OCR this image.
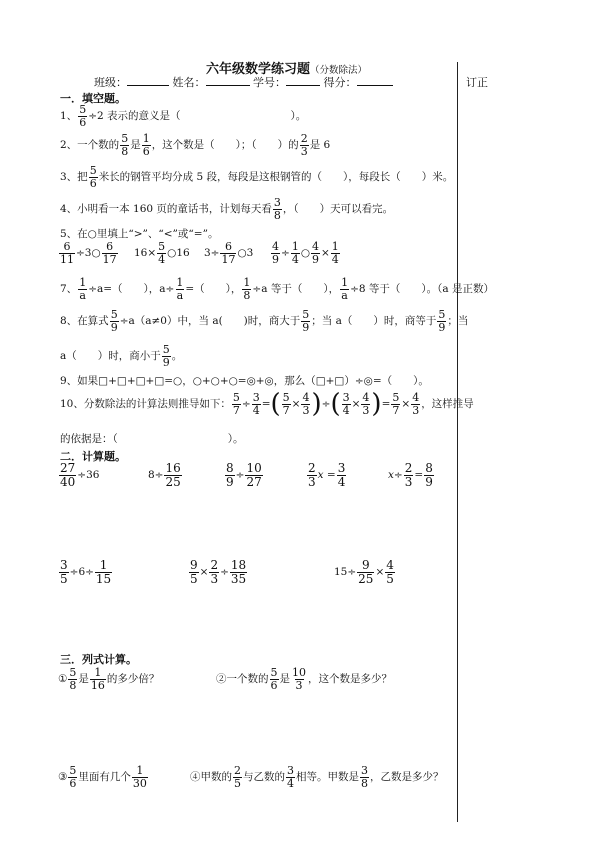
六年级数学练习题（分数除法）
班级：	姓名：	学号：	得分：	订正
一．填空题。
1、 $\frac{5}{6} \div 2$ 表示的意义是（	）。
2、一个数的 $\frac{5}{8}$ 是 $\frac{1}{6}$ ，这个数是（　　）；（　　）的 $\frac{2}{3}$ 是 6
3、把 $\frac{5}{6}$ 米长的钢管平均分成 5 段，每段是这根钢管的（　　），每段长（　　）米。
4、小明看一本 160 页的童话书，计划每天看 $\frac{3}{8}$ ，（　　）天可以看完。
5、在○里填上“>”、“<”或“=”。
$\frac{6}{11}$ ÷3○ $\frac{6}{17} 16\times \frac{5}{4}$ ○16 $3\div \frac{6}{17}$ ○3 $\frac{4}{9} \div \frac{1}{4}$ ○ $\frac{4}{9} \times \frac{1}{4}$
7、 $\frac{1}{a} \div a=$（　　），$a\div \frac{1}{a}$ =（　　）， $\frac{1}{8} \div a$ 等于（　　）， $\frac{1}{a} \div 8$ 等于（　　）。（a 是正数）
8、在算式 $\frac{5}{9} \div a(a\ne 0)$中，当 a(　　)时，商大于 $\frac{5}{9}$ ；当 a（　　）时，商等于 $\frac{5}{9}$ ；当
a（　　）时，商小于 $\frac{5}{9}$ 。
9、如果□+□+□+□=○，○+○+○=◎+◎，那么（□+□）÷◎=（　　）。
10、分数除法的计算法则推导如下： $\frac{5}{7} \div \frac{3}{4}$ =( $\frac{5}{7} \times \frac{4}{3}$ )÷( $\frac{3}{4} \times \frac{4}{3}$ )= $\frac{5}{7} \times \frac{4}{3}$ ，这样推导
的依据是：（	）。
二．计算题。
$\frac{27}{40} \div 36$	$8\div \frac{16}{25}$	$\frac{8}{9} \div \frac{10}{27}$	$\frac{2}{3}$ $x = \frac{3}{4}$	$x\div \frac{2}{3} = \frac{8}{9}$
$\frac{3}{5} \div 6\div \frac{1}{15}$	$\frac{9}{5} \times \frac{2}{3} \div \frac{18}{35}$	$15\div \frac{9}{25} \times \frac{4}{5}$
三．列式计算。
① $\frac{5}{8}$ 是 $\frac{1}{16}$ 的多少倍？	②一个数的 $\frac{5}{6}$ 是 $\frac{10}{3}$ ，这个数是多少？
③ $\frac{5}{6}$ 里面有几个 $\frac{1}{30}$	④甲数的 $\frac{2}{5}$ 与乙数的 $\frac{3}{4}$ 相等。甲数是 $\frac{3}{8}$ ，乙数是多少？
